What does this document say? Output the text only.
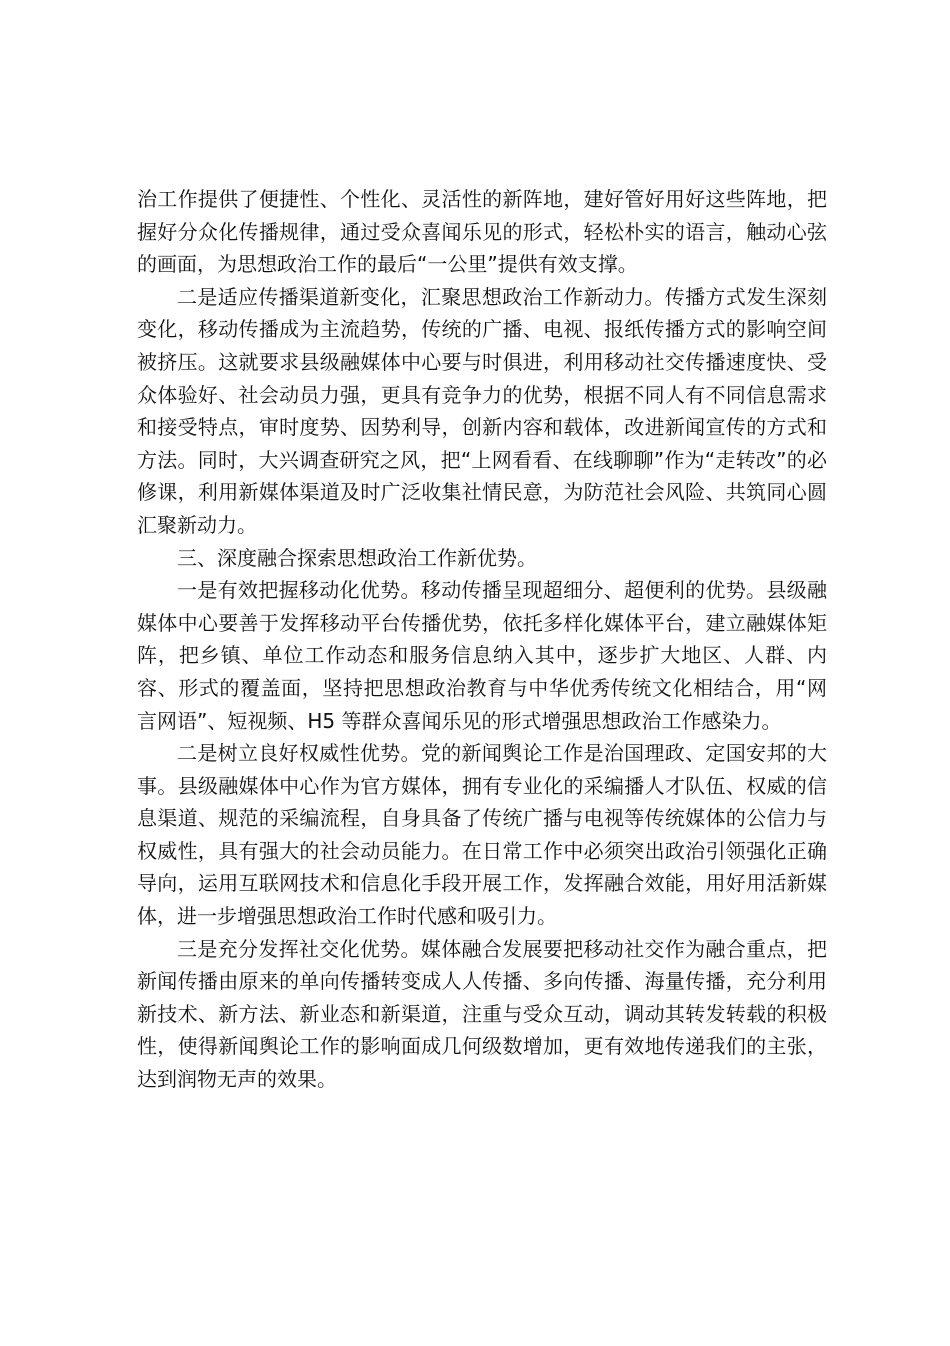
治工作提供了便捷性、个性化、灵活性的新阵地，建好管好用好这些阵地，把握好分众化传播规律，通过受众喜闻乐见的形式，轻松朴实的语言，触动心弦的画面，为思想政治工作的最后“一公里”提供有效支撑。

二是适应传播渠道新变化，汇聚思想政治工作新动力。传播方式发生深刻变化，移动传播成为主流趋势，传统的广播、电视、报纸传播方式的影响空间被挤压。这就要求县级融媒体中心要与时俱进，利用移动社交传播速度快、受众体验好、社会动员力强，更具有竞争力的优势，根据不同人有不同信息需求和接受特点，审时度势、因势利导，创新内容和载体，改进新闻宣传的方式和方法。同时，大兴调查研究之风，把“上网看看、在线聊聊”作为“走转改”的必修课，利用新媒体渠道及时广泛收集社情民意，为防范社会风险、共筑同心圆汇聚新动力。

三、深度融合探索思想政治工作新优势。

一是有效把握移动化优势。移动传播呈现超细分、超便利的优势。县级融媒体中心要善于发挥移动平台传播优势，依托多样化媒体平台，建立融媒体矩阵，把乡镇、单位工作动态和服务信息纳入其中，逐步扩大地区、人群、内容、形式的覆盖面，坚持把思想政治教育与中华优秀传统文化相结合，用“网言网语”、短视频、H5 等群众喜闻乐见的形式增强思想政治工作感染力。

二是树立良好权威性优势。党的新闻舆论工作是治国理政、定国安邦的大事。县级融媒体中心作为官方媒体，拥有专业化的采编播人才队伍、权威的信息渠道、规范的采编流程，自身具备了传统广播与电视等传统媒体的公信力与权威性，具有强大的社会动员能力。在日常工作中必须突出政治引领强化正确导向，运用互联网技术和信息化手段开展工作，发挥融合效能，用好用活新媒体，进一步增强思想政治工作时代感和吸引力。

三是充分发挥社交化优势。媒体融合发展要把移动社交作为融合重点，把新闻传播由原来的单向传播转变成人人传播、多向传播、海量传播，充分利用新技术、新方法、新业态和新渠道，注重与受众互动，调动其转发转载的积极性，使得新闻舆论工作的影响面成几何级数增加，更有效地传递我们的主张，达到润物无声的效果。
